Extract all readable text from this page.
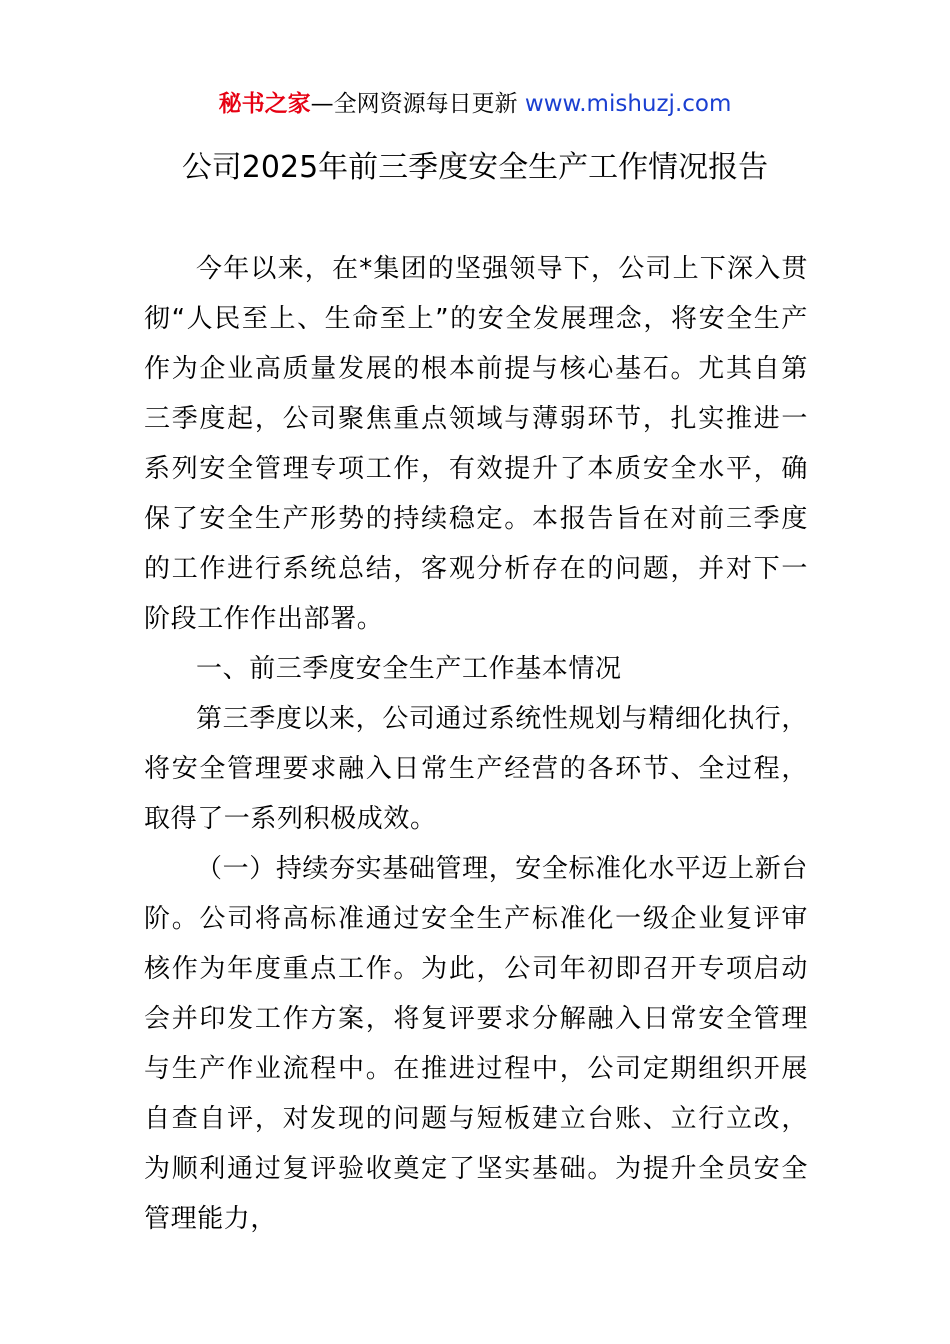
秘书之家—全网资源每日更新 www.mishuzj.com
公司2025年前三季度安全生产工作情况报告

今年以来，在*集团的坚强领导下，公司上下深入贯彻“人民至上、生命至上”的安全发展理念，将安全生产作为企业高质量发展的根本前提与核心基石。尤其自第三季度起，公司聚焦重点领域与薄弱环节，扎实推进一系列安全管理专项工作，有效提升了本质安全水平，确保了安全生产形势的持续稳定。本报告旨在对前三季度的工作进行系统总结，客观分析存在的问题，并对下一阶段工作作出部署。

一、前三季度安全生产工作基本情况

第三季度以来，公司通过系统性规划与精细化执行，将安全管理要求融入日常生产经营的各环节、全过程，取得了一系列积极成效。

（一）持续夯实基础管理，安全标准化水平迈上新台阶。公司将高标准通过安全生产标准化一级企业复评审核作为年度重点工作。为此，公司年初即召开专项启动会并印发工作方案，将复评要求分解融入日常安全管理与生产作业流程中。在推进过程中，公司定期组织开展自查自评，对发现的问题与短板建立台账、立行立改，为顺利通过复评验收奠定了坚实基础。为提升全员安全管理能力，
